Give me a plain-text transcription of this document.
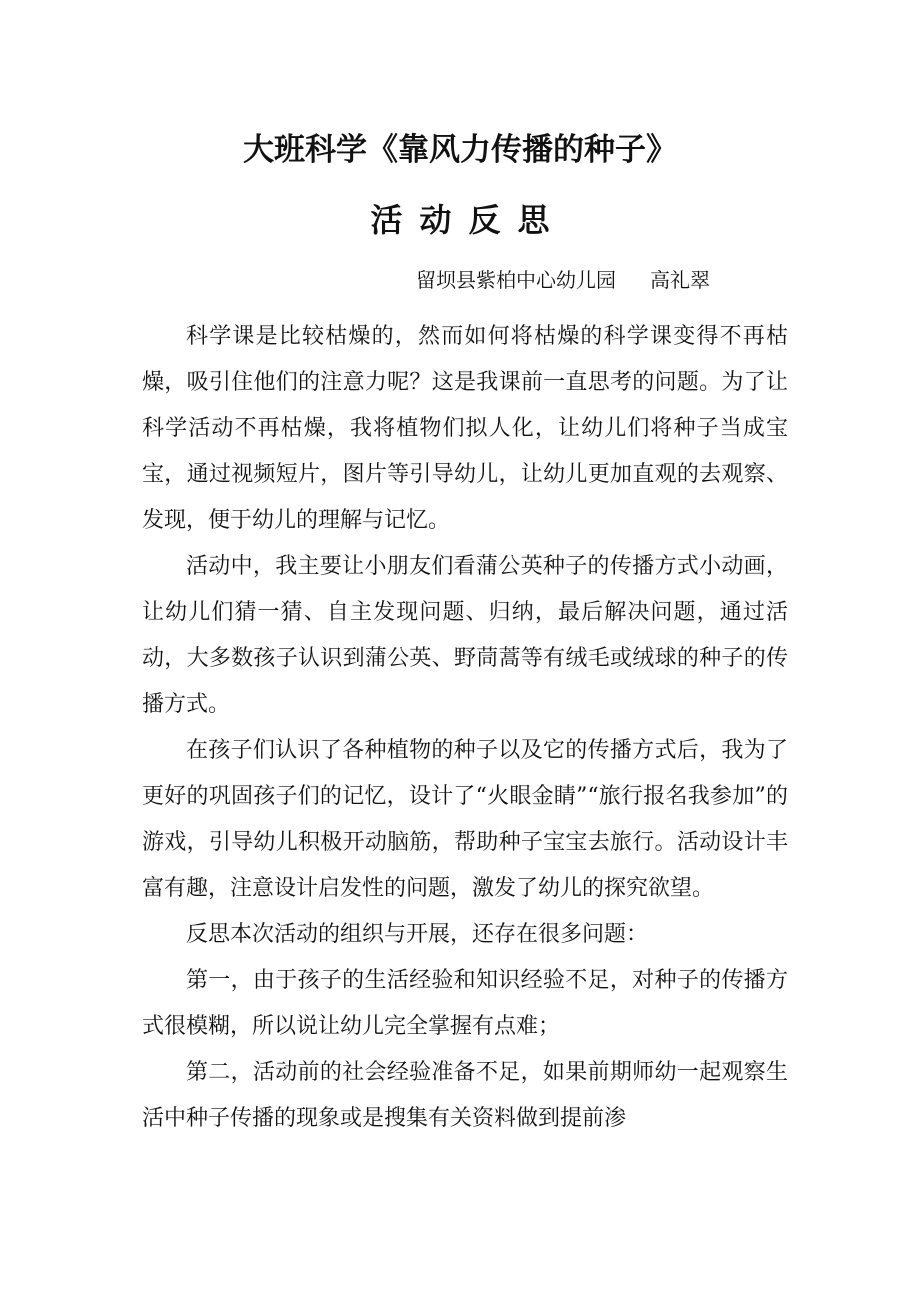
大班科学《靠风力传播的种子》
活动反思

留坝县紫柏中心幼儿园 高礼翠

科学课是比较枯燥的，然而如何将枯燥的科学课变得不再枯燥，吸引住他们的注意力呢？这是我课前一直思考的问题。为了让科学活动不再枯燥，我将植物们拟人化，让幼儿们将种子当成宝宝，通过视频短片，图片等引导幼儿，让幼儿更加直观的去观察、发现，便于幼儿的理解与记忆。

活动中，我主要让小朋友们看蒲公英种子的传播方式小动画，让幼儿们猜一猜、自主发现问题、归纳，最后解决问题，通过活动，大多数孩子认识到蒲公英、野茼蒿等有绒毛或绒球的种子的传播方式。

在孩子们认识了各种植物的种子以及它的传播方式后，我为了更好的巩固孩子们的记忆，设计了“火眼金睛”“旅行报名我参加”的游戏，引导幼儿积极开动脑筋，帮助种子宝宝去旅行。活动设计丰富有趣，注意设计启发性的问题，激发了幼儿的探究欲望。

反思本次活动的组织与开展，还存在很多问题：

第一，由于孩子的生活经验和知识经验不足，对种子的传播方式很模糊，所以说让幼儿完全掌握有点难；

第二，活动前的社会经验准备不足，如果前期师幼一起观察生活中种子传播的现象或是搜集有关资料做到提前渗
